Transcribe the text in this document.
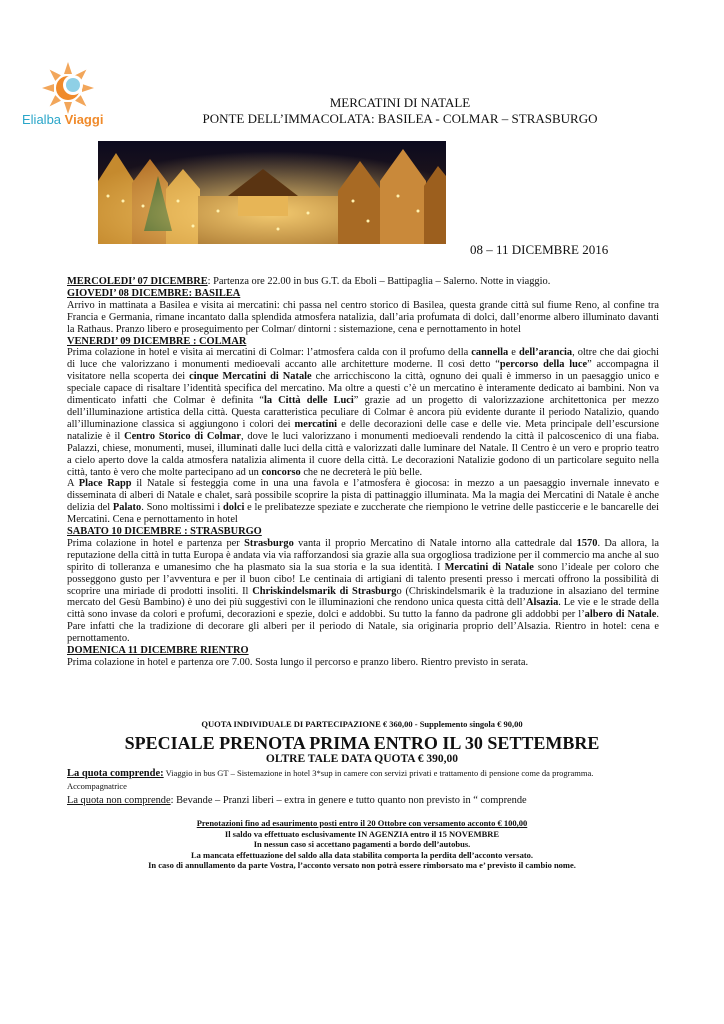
Elialba Viaggi
MERCATINI DI NATALE
PONTE DELL’IMMACOLATA: BASILEA - COLMAR – STRASBURGO
08 – 11 DICEMBRE 2016

MERCOLEDI’ 07 DICEMBRE: Partenza ore 22.00 in bus G.T. da Eboli – Battipaglia – Salerno. Notte in viaggio.

GIOVEDI’ 08 DICEMBRE: BASILEA

Arrivo in mattinata a Basilea e visita ai mercatini: chi passa nel centro storico di Basilea, questa grande città sul fiume Reno, al confine tra Francia e Germania, rimane incantato dalla splendida atmosfera natalizia, dall’aria profumata di dolci, dall’enorme albero illuminato davanti la Rathaus. Pranzo libero e proseguimento per Colmar/ dintorni : sistemazione, cena e pernottamento in hotel

VENERDI’ 09 DICEMBRE : COLMAR

Prima colazione in hotel e visita ai mercatini di Colmar: l’atmosfera calda con il profumo della cannella e dell’arancia, oltre che dai giochi di luce che valorizzano i monumenti medioevali accanto alle architetture moderne. Il così detto “percorso della luce” accompagna il visitatore nella scoperta dei cinque Mercatini di Natale che arricchiscono la città, ognuno dei quali è immerso in un paesaggio unico e speciale capace di risaltare l’identità specifica del mercatino. Ma oltre a questi c’è un mercatino è interamente dedicato ai bambini. Non va dimenticato infatti che Colmar è definita “la Città delle Luci” grazie ad un progetto di valorizzazione architettonica per mezzo dell’illuminazione artistica della città. Questa caratteristica peculiare di Colmar è ancora più evidente durante il periodo Natalizio, quando all’illuminazione classica si aggiungono i colori dei mercatini e delle decorazioni delle case e delle vie. Meta principale dell’escursione natalizie è il Centro Storico di Colmar, dove le luci valorizzano i monumenti medioevali rendendo la città il palcoscenico di una fiaba. Palazzi, chiese, monumenti, musei, illuminati dalle luci della città e valorizzati dalle luminare del Natale. Il Centro è un vero e proprio teatro a cielo aperto dove la calda atmosfera natalizia alimenta il cuore della città. Le decorazioni Natalizie godono di un particolare seguito nella città, tanto è vero che molte partecipano ad un concorso che ne decreterà le più belle.

A Place Rapp il Natale si festeggia come in una una favola e l’atmosfera è giocosa: in mezzo a un paesaggio invernale innevato e disseminata di alberi di Natale e chalet, sarà possibile scoprire la pista di pattinaggio illuminata. Ma la magia dei Mercatini di Natale è anche delizia del Palato. Sono moltissimi i dolci e le prelibatezze speziate e zuccherate che riempiono le vetrine delle pasticcerie e le bancarelle dei Mercatini. Cena e pernottamento in hotel

SABATO 10 DICEMBRE : STRASBURGO

Prima colazione in hotel e partenza per Strasburgo vanta il proprio Mercatino di Natale intorno alla cattedrale dal 1570. Da allora, la reputazione della città in tutta Europa è andata via via rafforzandosi sia grazie alla sua orgogliosa tradizione per il commercio ma anche al suo spirito di tolleranza e umanesimo che ha plasmato sia la sua storia e la sua identità. I Mercatini di Natale sono l’ideale per coloro che posseggono gusto per l’avventura e per il buon cibo! Le centinaia di artigiani di talento presenti presso i mercati offrono la possibilità di scoprire una miriade di prodotti insoliti. Il Chriskindelsmarik di Strasburgo (Chriskindelsmarik è la traduzione in alsaziano del termine mercato del Gesù Bambino) è uno dei più suggestivi con le illuminazioni che rendono unica questa città dell’Alsazia. Le vie e le strade della città sono invase da colori e profumi, decorazioni e spezie, dolci e addobbi. Su tutto la fanno da padrone gli addobbi per l’albero di Natale. Pare infatti che la tradizione di decorare gli alberi per il periodo di Natale, sia originaria proprio dell’Alsazia. Rientro in hotel: cena e pernottamento.

DOMENICA 11 DICEMBRE RIENTRO

Prima colazione in hotel e partenza ore 7.00. Sosta lungo il percorso e pranzo libero. Rientro previsto in serata.

QUOTA INDIVIDUALE DI PARTECIPAZIONE € 360,00 - Supplemento singola € 90,00
SPECIALE PRENOTA PRIMA ENTRO IL 30 SETTEMBRE
OLTRE TALE DATA QUOTA € 390,00
La quota comprende: Viaggio in bus GT – Sistemazione in hotel 3*sup in camere con servizi privati e trattamento di pensione come da programma.
Accompagnatrice
La quota non comprende: Bevande – Pranzi liberi – extra in genere e tutto quanto non previsto in “ comprende
Prenotazioni fino ad esaurimento posti entro il 20 Ottobre con versamento acconto € 100,00
Il saldo va effettuato esclusivamente IN AGENZIA entro il 15 NOVEMBRE
In nessun caso si accettano pagamenti a bordo dell’autobus.
La mancata effettuazione del saldo alla data stabilita comporta la perdita dell’acconto versato.
In caso di annullamento da parte Vostra, l’acconto versato non potrà essere rimborsato ma e’ previsto il cambio nome.
